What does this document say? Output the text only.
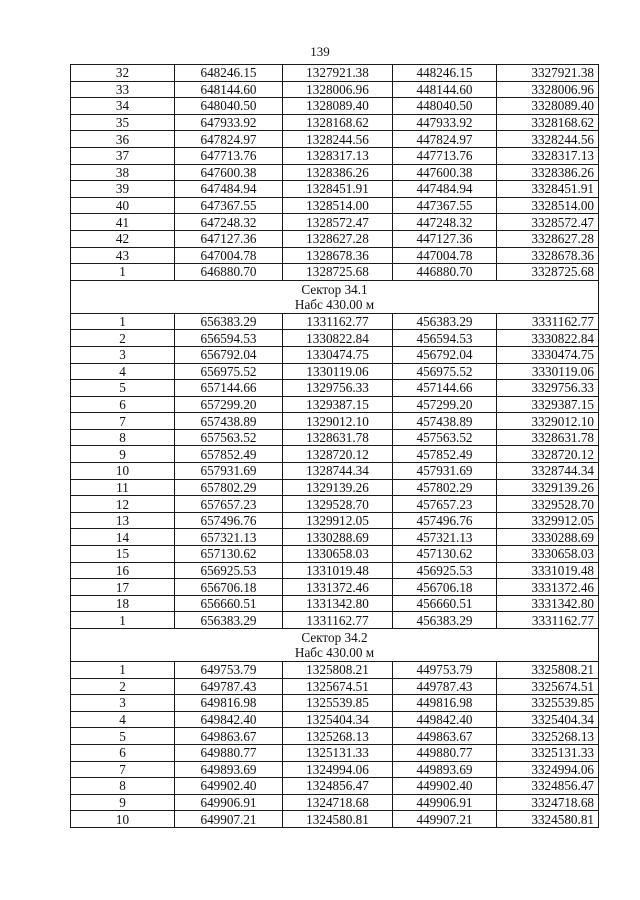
139
32	648246.15	1327921.38	448246.15	3327921.38
33	648144.60	1328006.96	448144.60	3328006.96
34	648040.50	1328089.40	448040.50	3328089.40
35	647933.92	1328168.62	447933.92	3328168.62
36	647824.97	1328244.56	447824.97	3328244.56
37	647713.76	1328317.13	447713.76	3328317.13
38	647600.38	1328386.26	447600.38	3328386.26
39	647484.94	1328451.91	447484.94	3328451.91
40	647367.55	1328514.00	447367.55	3328514.00
41	647248.32	1328572.47	447248.32	3328572.47
42	647127.36	1328627.28	447127.36	3328627.28
43	647004.78	1328678.36	447004.78	3328678.36
1	646880.70	1328725.68	446880.70	3328725.68

Сектор 34.1
Набс 430.00 м				

1	656383.29	1331162.77	456383.29	3331162.77
2	656594.53	1330822.84	456594.53	3330822.84
3	656792.04	1330474.75	456792.04	3330474.75
4	656975.52	1330119.06	456975.52	3330119.06
5	657144.66	1329756.33	457144.66	3329756.33
6	657299.20	1329387.15	457299.20	3329387.15
7	657438.89	1329012.10	457438.89	3329012.10
8	657563.52	1328631.78	457563.52	3328631.78
9	657852.49	1328720.12	457852.49	3328720.12
10	657931.69	1328744.34	457931.69	3328744.34
11	657802.29	1329139.26	457802.29	3329139.26
12	657657.23	1329528.70	457657.23	3329528.70
13	657496.76	1329912.05	457496.76	3329912.05
14	657321.13	1330288.69	457321.13	3330288.69
15	657130.62	1330658.03	457130.62	3330658.03
16	656925.53	1331019.48	456925.53	3331019.48
17	656706.18	1331372.46	456706.18	3331372.46
18	656660.51	1331342.80	456660.51	3331342.80
1	656383.29	1331162.77	456383.29	3331162.77

Сектор 34.2
Набс 430.00 м				

1	649753.79	1325808.21	449753.79	3325808.21
2	649787.43	1325674.51	449787.43	3325674.51
3	649816.98	1325539.85	449816.98	3325539.85
4	649842.40	1325404.34	449842.40	3325404.34
5	649863.67	1325268.13	449863.67	3325268.13
6	649880.77	1325131.33	449880.77	3325131.33
7	649893.69	1324994.06	449893.69	3324994.06
8	649902.40	1324856.47	449902.40	3324856.47
9	649906.91	1324718.68	449906.91	3324718.68
10	649907.21	1324580.81	449907.21	3324580.81
